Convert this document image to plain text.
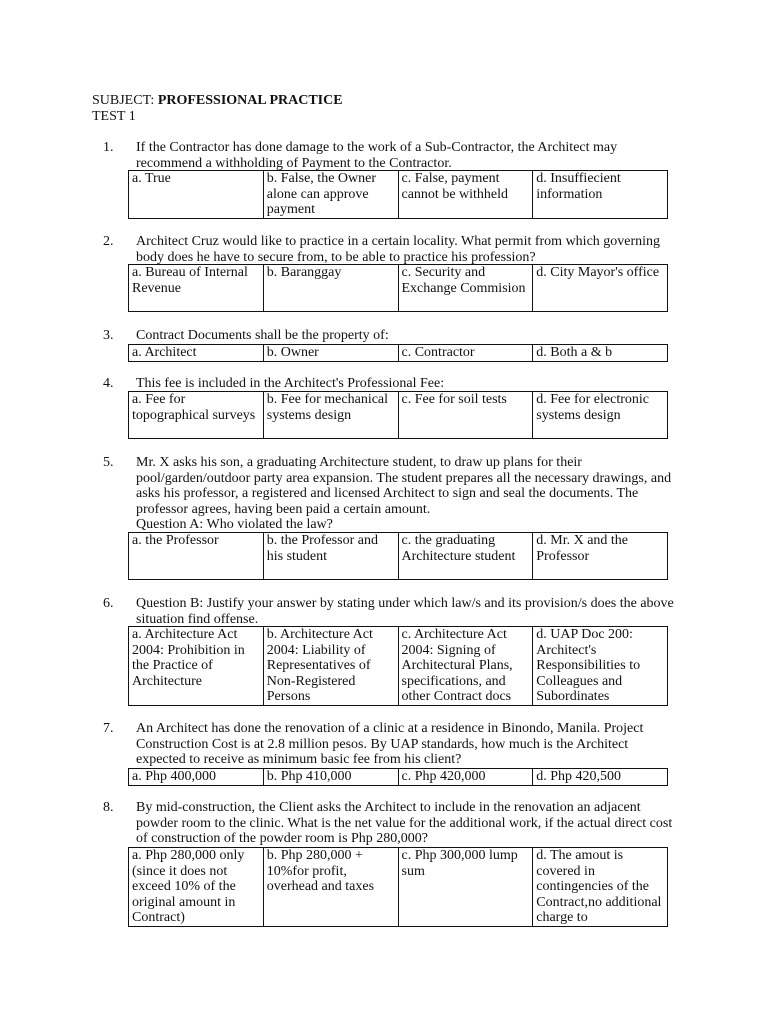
SUBJECT: PROFESSIONAL PRACTICE
TEST 1
1. If the Contractor has done damage to the work of a Sub-Contractor, the Architect may recommend a withholding of Payment to the Contractor.
a. True	b. False, the Owner alone can approve payment	c. False, payment cannot be withheld	d. Insuffiecient information
2. Architect Cruz would like to practice in a certain locality. What permit from which governing body does he have to secure from, to be able to practice his profession?
a. Bureau of Internal Revenue	b. Baranggay	c. Security and Exchange Commision	d. City Mayor's office
3. Contract Documents shall be the property of:
a. Architect	b. Owner	c. Contractor	d. Both a & b
4. This fee is included in the Architect's Professional Fee:
a. Fee for topographical surveys	b. Fee for mechanical systems design	c. Fee for soil tests	d. Fee for electronic systems design
5. Mr. X asks his son, a graduating Architecture student, to draw up plans for their pool/garden/outdoor party area expansion. The student prepares all the necessary drawings, and asks his professor, a registered and licensed Architect to sign and seal the documents. The professor agrees, having been paid a certain amount.
Question A: Who violated the law?
a. the Professor	b. the Professor and his student	c. the graduating Architecture student	d. Mr. X and the Professor
6. Question B: Justify your answer by stating under which law/s and its provision/s does the above situation find offense.
a. Architecture Act 2004: Prohibition in the Practice of Architecture	b. Architecture Act 2004: Liability of Representatives of Non-Registered Persons	c. Architecture Act 2004: Signing of Architectural Plans, specifications, and other Contract docs	d. UAP Doc 200: Architect's Responsibilities to Colleagues and Subordinates
7. An Architect has done the renovation of a clinic at a residence in Binondo, Manila. Project Construction Cost is at 2.8 million pesos. By UAP standards, how much is the Architect expected to receive as minimum basic fee from his client?
a. Php 400,000	b. Php 410,000	c. Php 420,000	d. Php 420,500
8. By mid-construction, the Client asks the Architect to include in the renovation an adjacent powder room to the clinic. What is the net value for the additional work, if the actual direct cost of construction of the powder room is Php 280,000?
a. Php 280,000 only (since it does not exceed 10% of the original amount in Contract)	b. Php 280,000 + 10%for profit, overhead and taxes	c. Php 300,000 lump sum	d. The amout is covered in contingencies of the Contract,no additional charge to
